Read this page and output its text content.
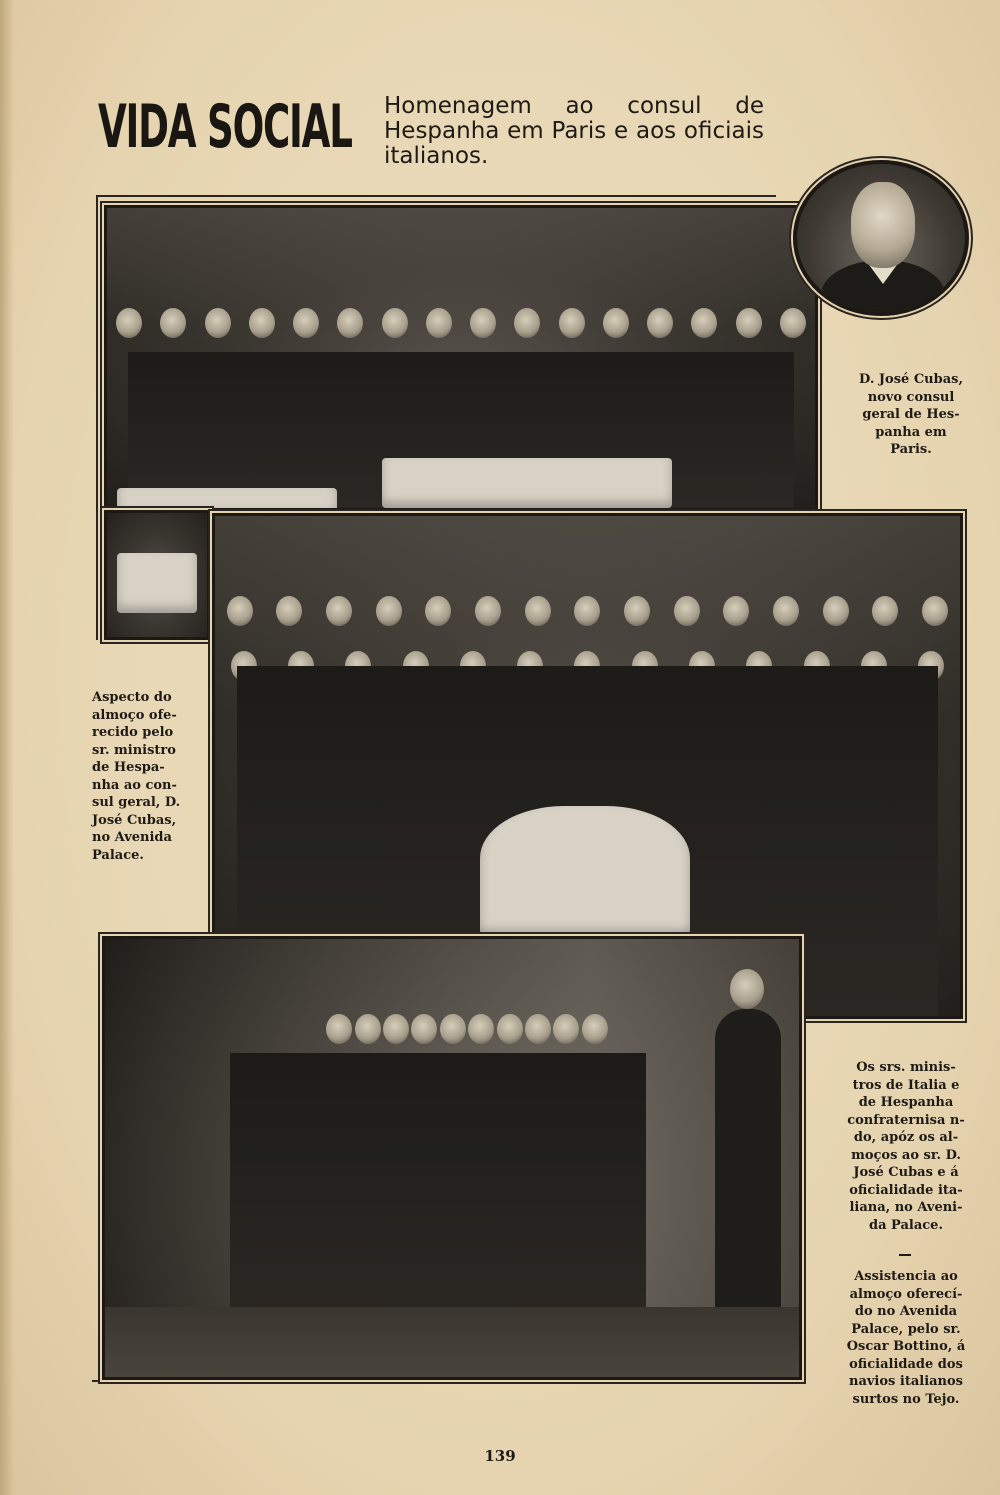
VIDA SOCIAL Homenagem ao consul de Hespanha em Paris e aos oficiais italianos.

D. José Cubas,

novo consul

geral de Hes-

panha em

Paris.

Aspecto do

almoço ofe-

recido pelo

sr. ministro

de Hespa-

nha ao con-

sul geral, D.

José Cubas,

no Avenida

Palace.

Os srs. minis-

tros de Italia e

de Hespanha

confraternisa n-

do, apóz os al-

moços ao sr. D.

José Cubas e á

oficialidade ita-

liana, no Aveni-

da Palace.

Assistencia ao

almoço oferecí-

do no Avenida

Palace, pelo sr.

Oscar Bottino, á

oficialidade dos

navios italianos

surtos no Tejo.

139
